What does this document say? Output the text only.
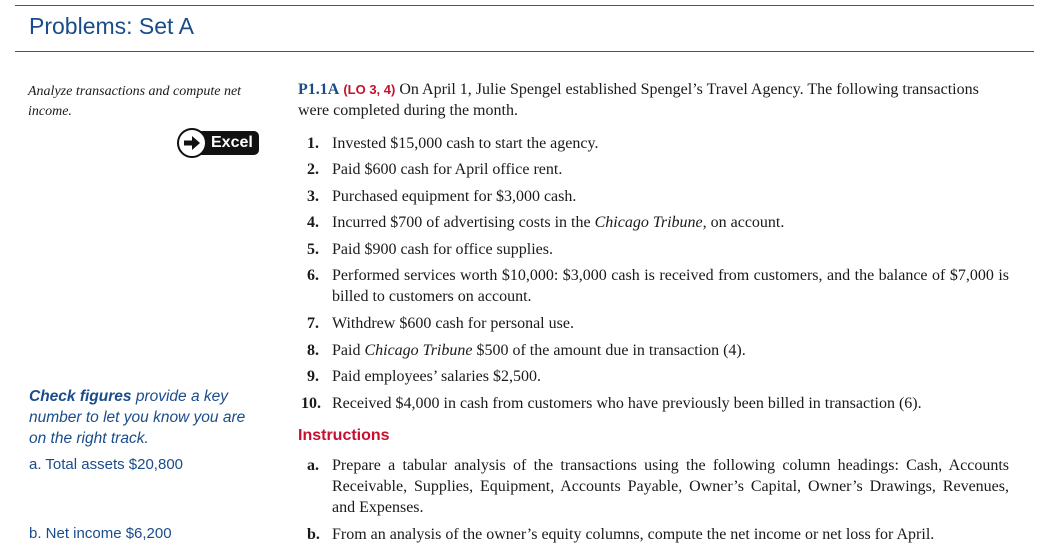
Problems: Set A
Analyze transactions and compute net income.
Excel
P1.1A (LO 3, 4) On April 1, Julie Spengel established Spengel’s Travel Agency. The following transactions were completed during the month.
1. Invested $15,000 cash to start the agency.
2. Paid $600 cash for April office rent.
3. Purchased equipment for $3,000 cash.
4. Incurred $700 of advertising costs in the Chicago Tribune, on account.
5. Paid $900 cash for office supplies.
6. Performed services worth $10,000: $3,000 cash is received from customers, and the balance of $7,000 is billed to customers on account.
7. Withdrew $600 cash for personal use.
8. Paid Chicago Tribune $500 of the amount due in transaction (4).
9. Paid employees’ salaries $2,500.
10. Received $4,000 in cash from customers who have previously been billed in transaction (6).
Instructions
a. Prepare a tabular analysis of the transactions using the following column headings: Cash, Accounts Receivable, Supplies, Equipment, Accounts Payable, Owner’s Capital, Owner’s Drawings, Revenues, and Expenses.
b. From an analysis of the owner’s equity columns, compute the net income or net loss for April.
Check figures provide a key number to let you know you are on the right track.
a. Total assets $20,800
b. Net income $6,200
